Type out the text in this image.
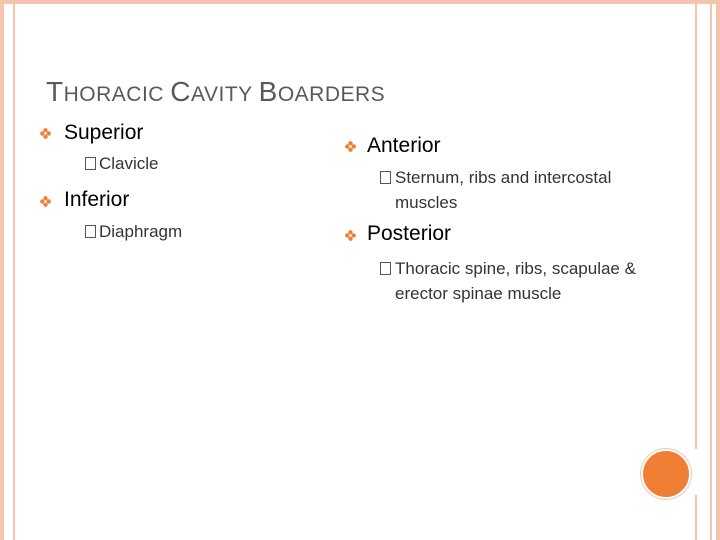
THORACIC CAVITY BOARDERS
Superior
Clavicle
Inferior
Diaphragm
Anterior
Sternum, ribs and intercostal muscles
Posterior
Thoracic spine, ribs, scapulae & erector spinae muscle
